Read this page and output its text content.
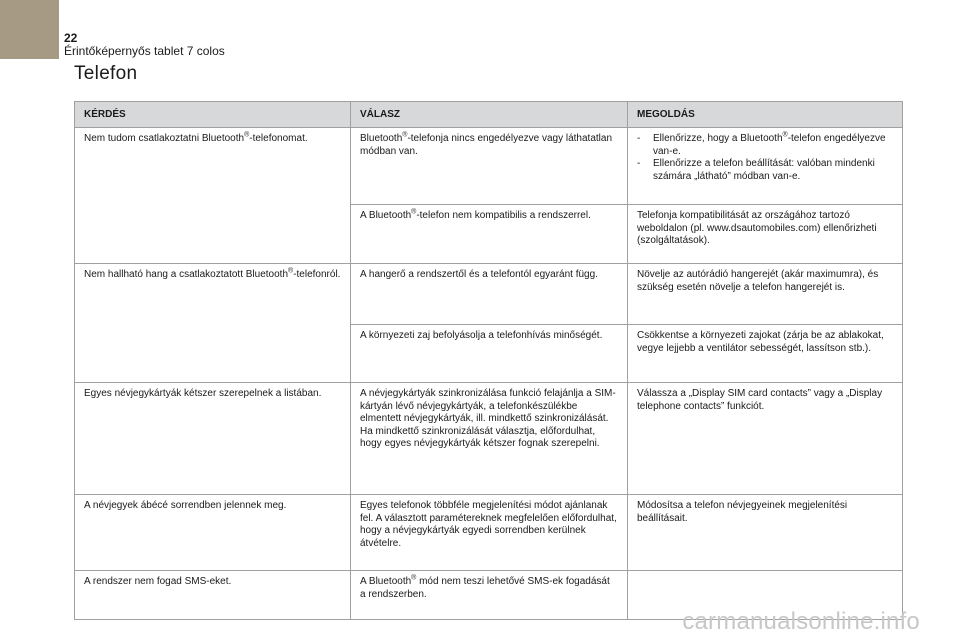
22
Érintőképernyős tablet 7 colos
Telefon
KÉRDÉS	VÁLASZ	MEGOLDÁS
Nem tudom csatlakoztatni Bluetooth®-telefonomat.	Bluetooth®-telefonja nincs engedélyezve vagy láthatatlan módban van.	- Ellenőrizze, hogy a Bluetooth®-telefon engedélyezve van-e.
- Ellenőrizze a telefon beállítását: valóban mindenki számára „látható” módban van-e.

	A Bluetooth®-telefon nem kompatibilis a rendszerrel.	Telefonja kompatibilitását az országához tartozó weboldalon (pl. www.dsautomobiles.com) ellenőrizheti (szolgáltatások).
Nem hallható hang a csatlakoztatott Bluetooth®-telefonról.	A hangerő a rendszertől és a telefontól egyaránt függ.	Növelje az autórádió hangerejét (akár maximumra), és szükség esetén növelje a telefon hangerejét is.
	A környezeti zaj befolyásolja a telefonhívás minőségét.	Csökkentse a környezeti zajokat (zárja be az ablakokat, vegye lejjebb a ventilátor sebességét, lassítson stb.).
Egyes névjegykártyák kétszer szerepelnek a listában.	A névjegykártyák szinkronizálása funkció felajánlja a SIM-kártyán lévő névjegykártyák, a telefonkészülékbe elmentett névjegykártyák, ill. mindkettő szinkronizálását. Ha mindkettő szinkronizálását választja, előfordulhat, hogy egyes névjegykártyák kétszer fognak szerepelni.	Válassza a „Display SIM card contacts” vagy a „Display telephone contacts” funkciót.
A névjegyek ábécé sorrendben jelennek meg.	Egyes telefonok többféle megjelenítési módot ajánlanak fel. A választott paramétereknek megfelelően előfordulhat, hogy a névjegykártyák egyedi sorrendben kerülnek átvételre.	Módosítsa a telefon névjegyeinek megjelenítési beállításait.
A rendszer nem fogad SMS-eket.	A Bluetooth® mód nem teszi lehetővé SMS-ek fogadását a rendszerben.	
carmanualsonline.info
